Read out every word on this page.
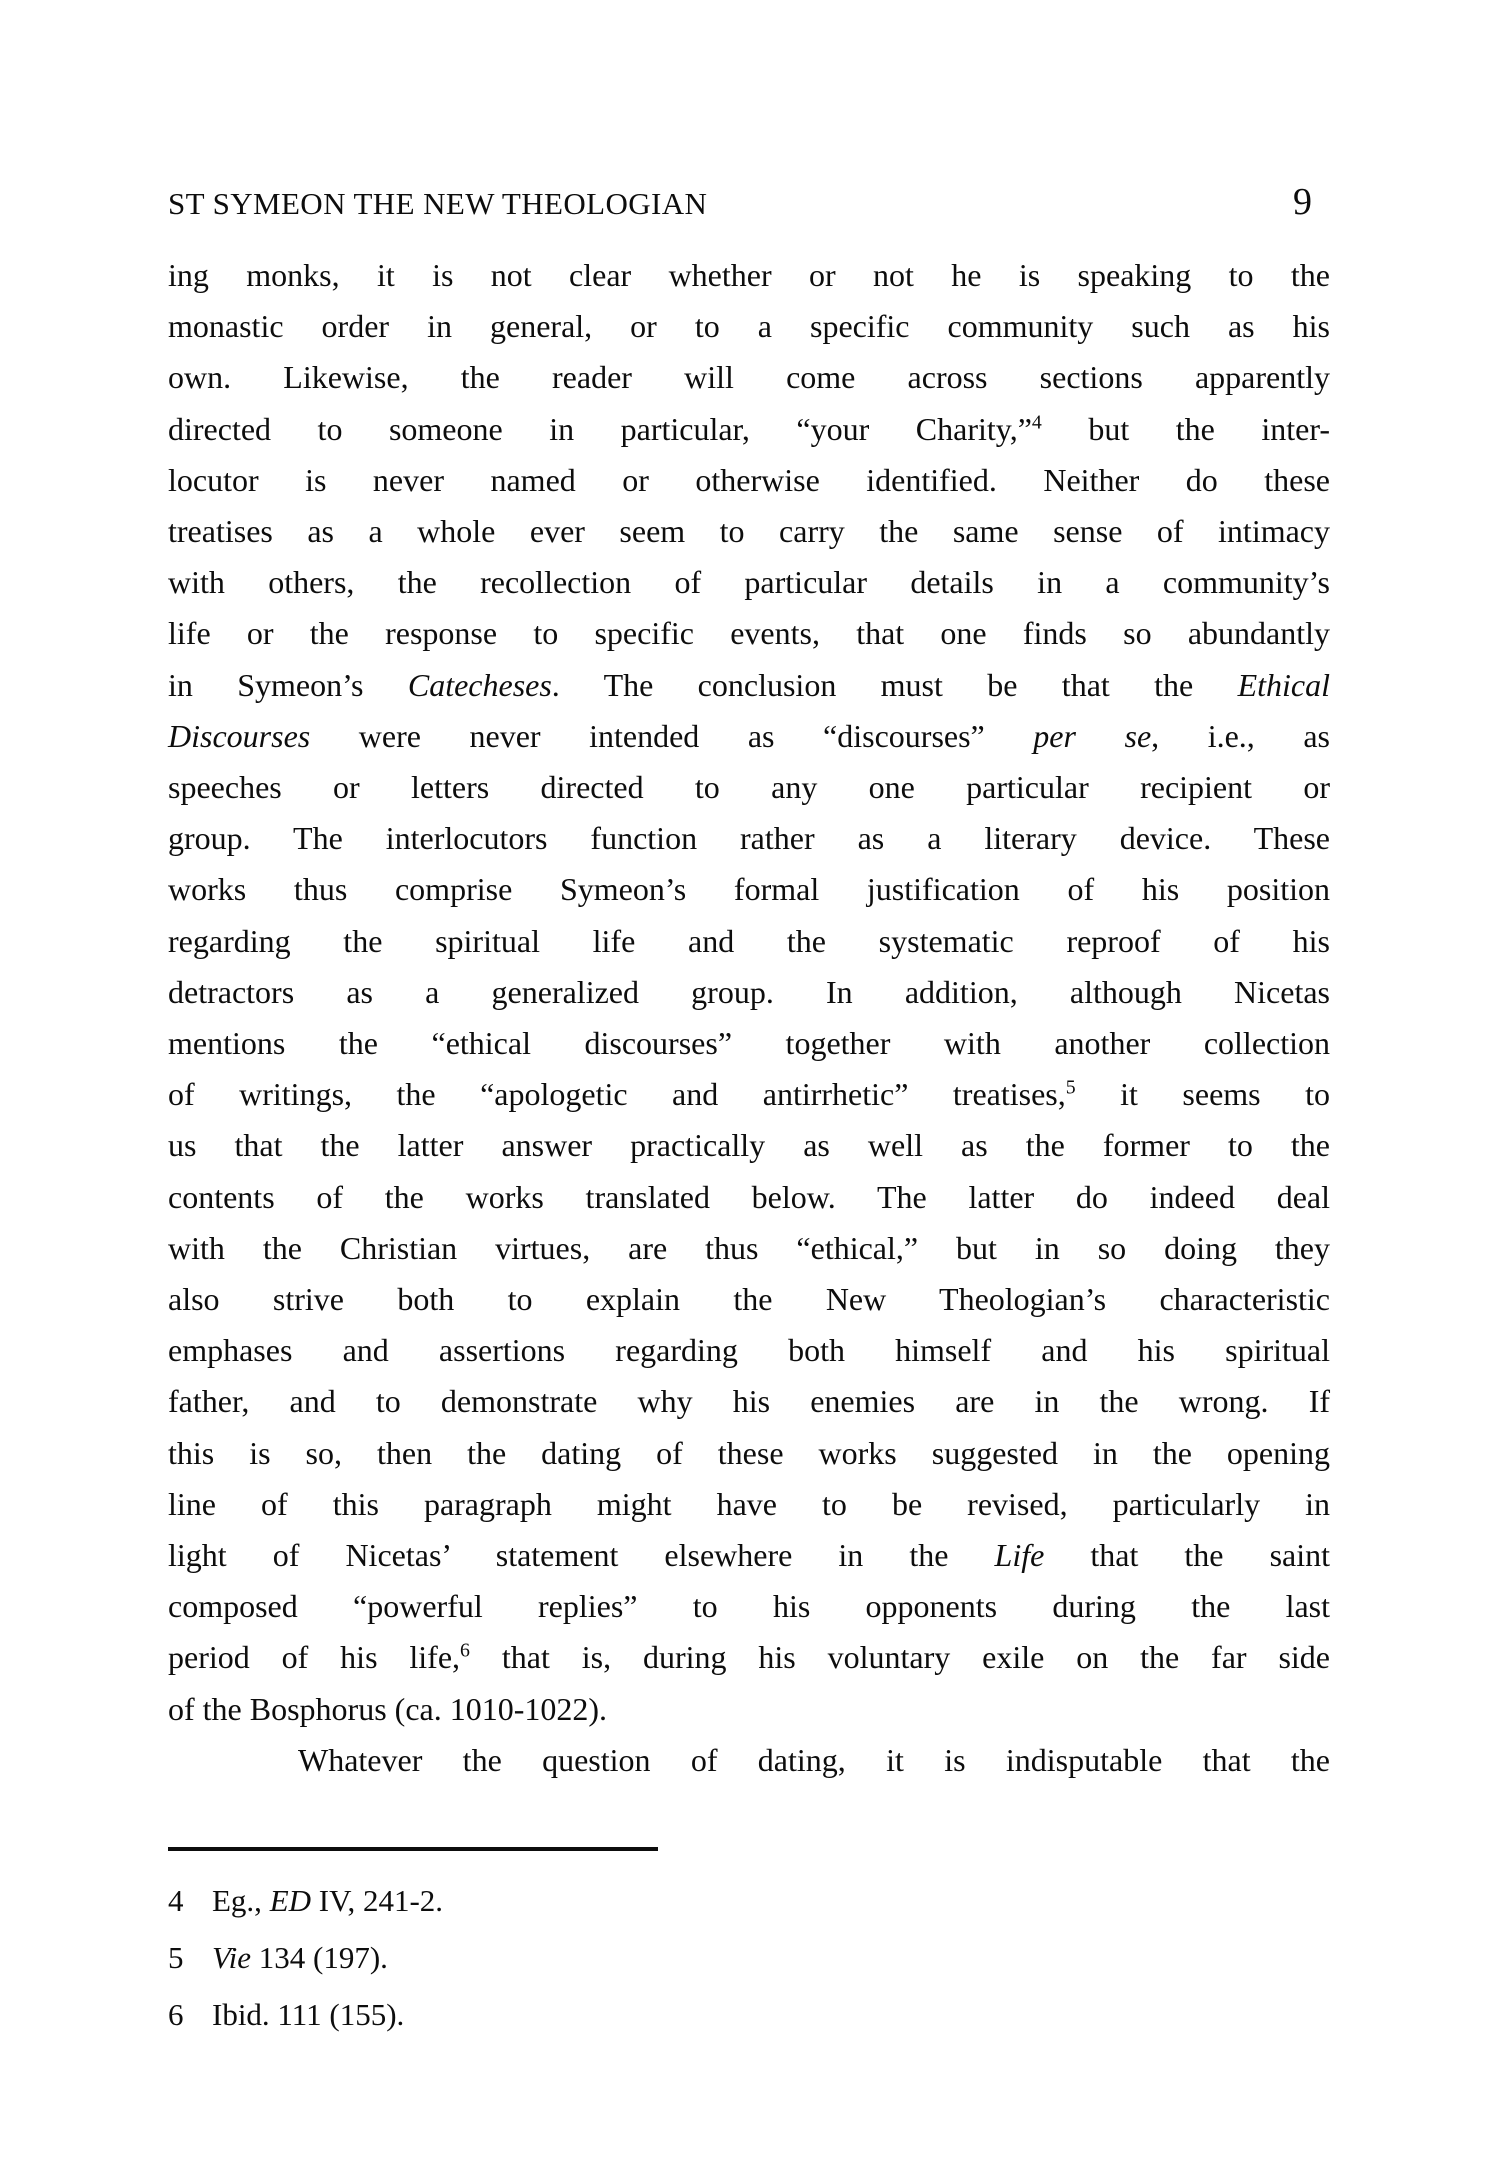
ST SYMEON THE NEW THEOLOGIAN	9
ing monks, it is not clear whether or not he is speaking to the
monastic order in general, or to a specific community such as his
own. Likewise, the reader will come across sections apparently
directed to someone in particular, “your Charity,”$^4$ but the inter-
locutor is never named or otherwise identified. Neither do these
treatises as a whole ever seem to carry the same sense of intimacy
with others, the recollection of particular details in a community’s
life or the response to specific events, that one finds so abundantly
in Symeon’s Catecheses. The conclusion must be that the Ethical
Discourses were never intended as “discourses” per se, i.e., as
speeches or letters directed to any one particular recipient or
group. The interlocutors function rather as a literary device. These
works thus comprise Symeon’s formal justification of his position
regarding the spiritual life and the systematic reproof of his
detractors as a generalized group. In addition, although Nicetas
mentions the “ethical discourses” together with another collection
of writings, the “apologetic and antirrhetic” treatises,$^5$ it seems to
us that the latter answer practically as well as the former to the
contents of the works translated below. The latter do indeed deal
with the Christian virtues, are thus “ethical,” but in so doing they
also strive both to explain the New Theologian’s characteristic
emphases and assertions regarding both himself and his spiritual
father, and to demonstrate why his enemies are in the wrong. If
this is so, then the dating of these works suggested in the opening
line of this paragraph might have to be revised, particularly in
light of Nicetas’ statement elsewhere in the Life that the saint
composed “powerful replies” to his opponents during the last
period of his life,$^6$ that is, during his voluntary exile on the far side
of the Bosphorus (ca. 1010-1022).
Whatever the question of dating, it is indisputable that the
4 Eg., ED IV, 241-2.
5 Vie 134 (197).
6 Ibid. 111 (155).
